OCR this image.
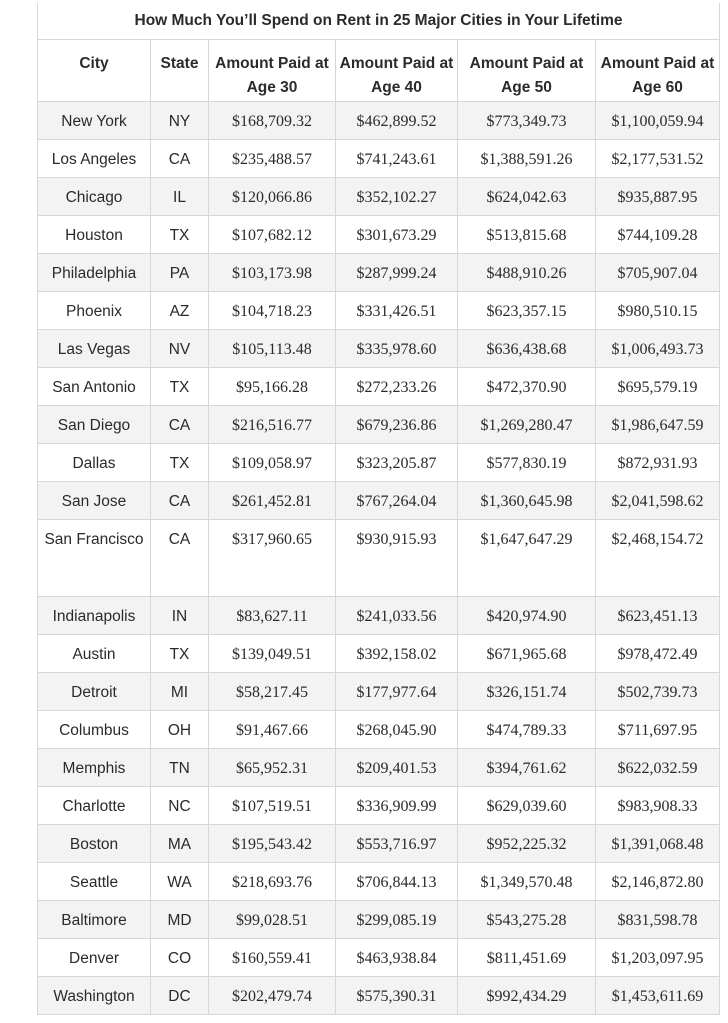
How Much You’ll Spend on Rent in 25 Major Cities in Your Lifetime					
City	State	Amount Paid at Age 30	Amount Paid at Age 40	Amount Paid at Age 50	Amount Paid at Age 60
New York	NY	$168,709.32	$462,899.52	$773,349.73	$1,100,059.94
Los Angeles	CA	$235,488.57	$741,243.61	$1,388,591.26	$2,177,531.52
Chicago	IL	$120,066.86	$352,102.27	$624,042.63	$935,887.95
Houston	TX	$107,682.12	$301,673.29	$513,815.68	$744,109.28
Philadelphia	PA	$103,173.98	$287,999.24	$488,910.26	$705,907.04
Phoenix	AZ	$104,718.23	$331,426.51	$623,357.15	$980,510.15
Las Vegas	NV	$105,113.48	$335,978.60	$636,438.68	$1,006,493.73
San Antonio	TX	$95,166.28	$272,233.26	$472,370.90	$695,579.19
San Diego	CA	$216,516.77	$679,236.86	$1,269,280.47	$1,986,647.59
Dallas	TX	$109,058.97	$323,205.87	$577,830.19	$872,931.93
San Jose	CA	$261,452.81	$767,264.04	$1,360,645.98	$2,041,598.62
San Francisco	CA	$317,960.65	$930,915.93	$1,647,647.29	$2,468,154.72
Indianapolis	IN	$83,627.11	$241,033.56	$420,974.90	$623,451.13
Austin	TX	$139,049.51	$392,158.02	$671,965.68	$978,472.49
Detroit	MI	$58,217.45	$177,977.64	$326,151.74	$502,739.73
Columbus	OH	$91,467.66	$268,045.90	$474,789.33	$711,697.95
Memphis	TN	$65,952.31	$209,401.53	$394,761.62	$622,032.59
Charlotte	NC	$107,519.51	$336,909.99	$629,039.60	$983,908.33
Boston	MA	$195,543.42	$553,716.97	$952,225.32	$1,391,068.48
Seattle	WA	$218,693.76	$706,844.13	$1,349,570.48	$2,146,872.80
Baltimore	MD	$99,028.51	$299,085.19	$543,275.28	$831,598.78
Denver	CO	$160,559.41	$463,938.84	$811,451.69	$1,203,097.95
Washington	DC	$202,479.74	$575,390.31	$992,434.29	$1,453,611.69
